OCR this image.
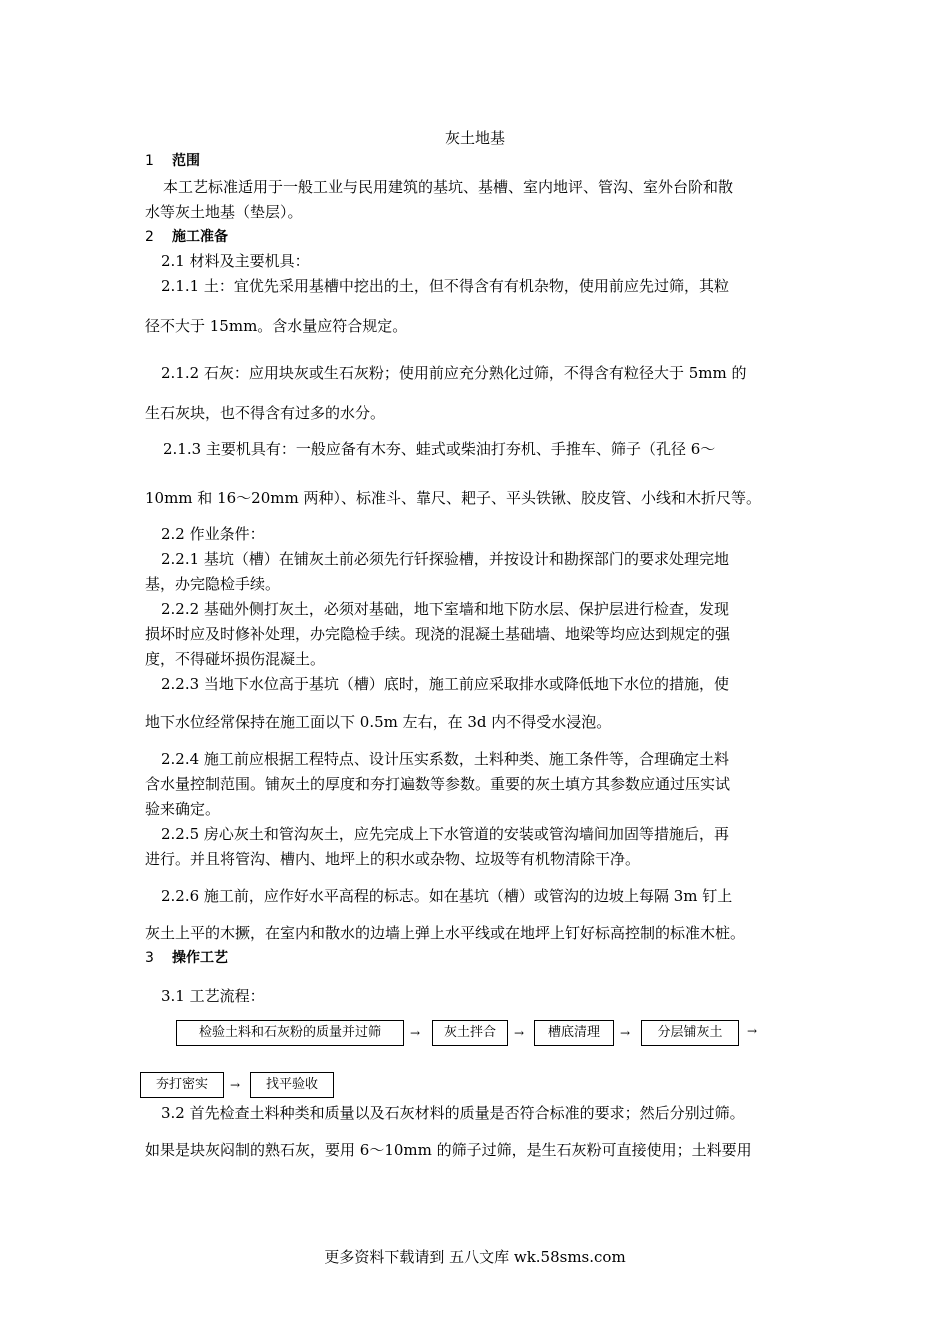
灰土地基
1 范围
本工艺标准适用于一般工业与民用建筑的基坑、基槽、室内地评、管沟、室外台阶和散
水等灰土地基（垫层）。
2 施工准备
2.1 材料及主要机具：
2.1.1 土：宜优先采用基槽中挖出的土，但不得含有有机杂物，使用前应先过筛，其粒
径不大于 15mm。含水量应符合规定。
2.1.2 石灰：应用块灰或生石灰粉；使用前应充分熟化过筛，不得含有粒径大于 5mm 的
生石灰块，也不得含有过多的水分。
2.1.3 主要机具有：一般应备有木夯、蛙式或柴油打夯机、手推车、筛子（孔径 6～
10mm 和 16～20mm 两种）、标准斗、靠尺、耙子、平头铁锹、胶皮管、小线和木折尺等。
2.2 作业条件：
2.2.1 基坑（槽）在铺灰土前必须先行钎探验槽，并按设计和勘探部门的要求处理完地
基，办完隐检手续。
2.2.2 基础外侧打灰土，必须对基础，地下室墙和地下防水层、保护层进行检查，发现
损坏时应及时修补处理，办完隐检手续。现浇的混凝土基础墙、地梁等均应达到规定的强
度，不得碰坏损伤混凝土。
2.2.3 当地下水位高于基坑（槽）底时，施工前应采取排水或降低地下水位的措施，使
地下水位经常保持在施工面以下 0.5m 左右，在 3d 内不得受水浸泡。
2.2.4 施工前应根据工程特点、设计压实系数，土料种类、施工条件等，合理确定土料
含水量控制范围。铺灰土的厚度和夯打遍数等参数。重要的灰土填方其参数应通过压实试
验来确定。
2.2.5 房心灰土和管沟灰土，应先完成上下水管道的安装或管沟墙间加固等措施后，再
进行。并且将管沟、槽内、地坪上的积水或杂物、垃圾等有机物清除干净。
2.2.6 施工前，应作好水平高程的标志。如在基坑（槽）或管沟的边坡上每隔 3m 钉上
灰土上平的木撅，在室内和散水的边墙上弹上水平线或在地坪上钉好标高控制的标准木桩。
3 操作工艺
3.1 工艺流程：
检验土料和石灰粉的质量并过筛	→	灰土拌合	→	槽底清理	→	分层铺灰土	→
夯打密实	→	找平验收
3.2 首先检查土料种类和质量以及石灰材料的质量是否符合标准的要求；然后分别过筛。
如果是块灰闷制的熟石灰，要用 6～10mm 的筛子过筛，是生石灰粉可直接使用；土料要用
更多资料下载请到 五八文库 wk.58sms.com
